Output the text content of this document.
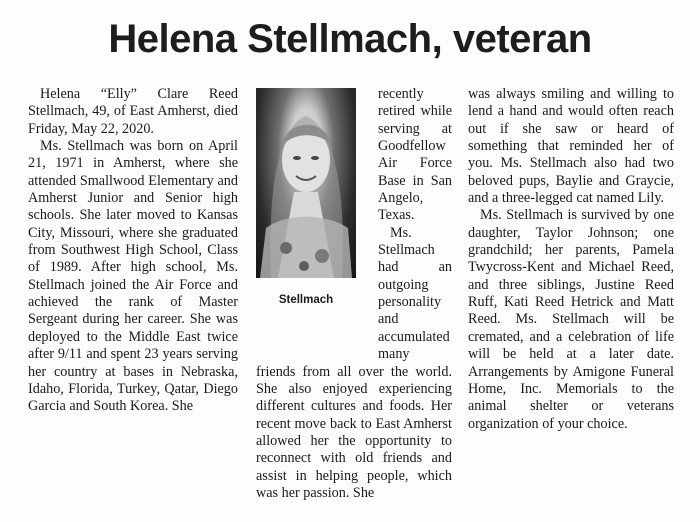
Helena Stellmach, veteran

Helena “Elly” Clare Reed Stellmach, 49, of East Amherst, died Friday, May 22, 2020.

Ms. Stellmach was born on April 21, 1971 in Amherst, where she attended Smallwood Elementary and Amherst Junior and Senior high schools. She later moved to Kansas City, Missouri, where she graduated from Southwest High School, Class of 1989. After high school, Ms. Stellmach joined the Air Force and achieved the rank of Master Sergeant during her career. She was deployed to the Middle East twice after 9/11 and spent 23 years serving her country at bases in Nebraska, Idaho, Florida, Turkey, Qatar, Diego Garcia and South Korea. She

Stellmach

recently retired while serving at Goodfellow Air Force Base in San Angelo, Texas.

Ms. Stellmach had an outgoing personality and accumulated many

friends from all over the world. She also enjoyed experiencing different cultures and foods. Her recent move back to East Amherst allowed her the opportunity to reconnect with old friends and assist in helping people, which was her passion. She

was always smiling and willing to lend a hand and would often reach out if she saw or heard of something that reminded her of you. Ms. Stellmach also had two beloved pups, Baylie and Graycie, and a three-legged cat named Lily.

Ms. Stellmach is survived by one daughter, Taylor Johnson; one grandchild; her parents, Pamela Twycross-Kent and Michael Reed, and three siblings, Justine Reed Ruff, Kati Reed Hetrick and Matt Reed. Ms. Stellmach will be cremated, and a celebration of life will be held at a later date. Arrangements by Amigone Funeral Home, Inc. Memorials to the animal shelter or veterans organization of your choice.
